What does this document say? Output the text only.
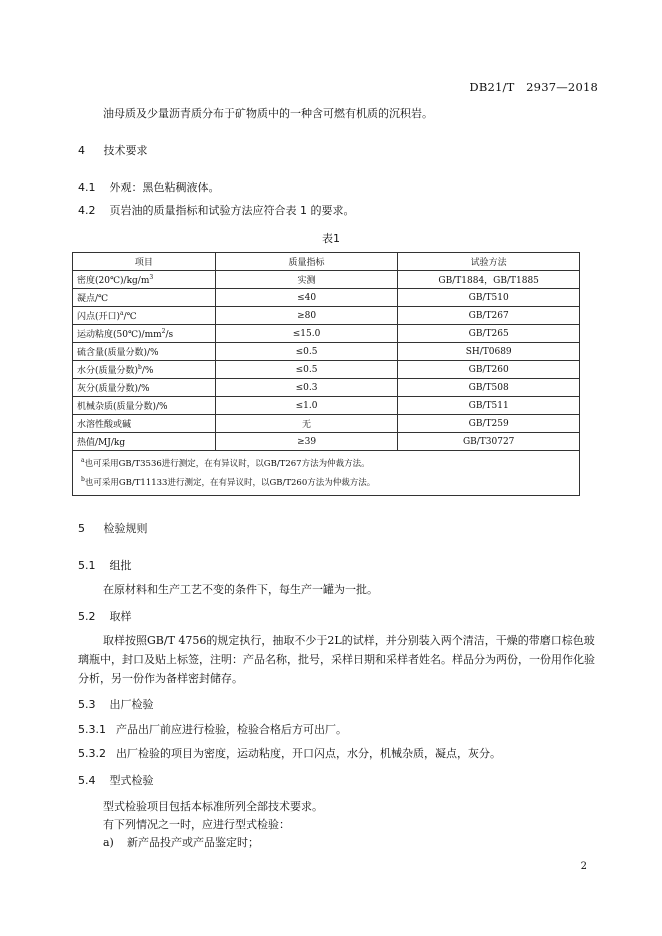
DB21/T　2937—2018
油母质及少量沥青质分布于矿物质中的一种含可燃有机质的沉积岩。
4 技术要求
4.1 外观：黑色粘稠液体。
4.2 页岩油的质量指标和试验方法应符合表 1 的要求。
表1
项目	质量指标	试验方法
密度$(20℃)/kg/m^3$	实测	GB/T1884，GB/T1885
凝点/℃	≤40	GB/T510
闪点(开口)$^a$/℃	≥80	GB/T267
运动粘度$(50℃)/mm^2/s$	≤15.0	GB/T265
硫含量(质量分数)/%	≤0.5	SH/T0689
水分(质量分数)$^b$/%	≤0.5	GB/T260
灰分(质量分数)/%	≤0.3	GB/T508
机械杂质(质量分数)/%	≤1.0	GB/T511
水溶性酸或碱	无	GB/T259
热值/MJ/kg	≥39	GB/T30727

$^a$也可采用GB/T3536进行测定，在有异议时，以GB/T267方法为仲裁方法。
$^b$也可采用GB/T11133进行测定，在有异议时，以GB/T260方法为仲裁方法。		
5 检验规则
5.1 组批
在原材料和生产工艺不变的条件下，每生产一罐为一批。
5.2 取样
取样按照GB/T 4756的规定执行，抽取不少于2L的试样，并分别装入两个清洁，干燥的带磨口棕色玻璃瓶中，封口及贴上标签，注明：产品名称，批号，采样日期和采样者姓名。样品分为两份，一份用作化验分析，另一份作为备样密封储存。
5.3 出厂检验
5.3.1 产品出厂前应进行检验，检验合格后方可出厂。
5.3.2 出厂检验的项目为密度，运动粘度，开口闪点，水分，机械杂质，凝点，灰分。
5.4 型式检验
型式检验项目包括本标准所列全部技术要求。
有下列情况之一时，应进行型式检验：
a) 新产品投产或产品鉴定时；
2
